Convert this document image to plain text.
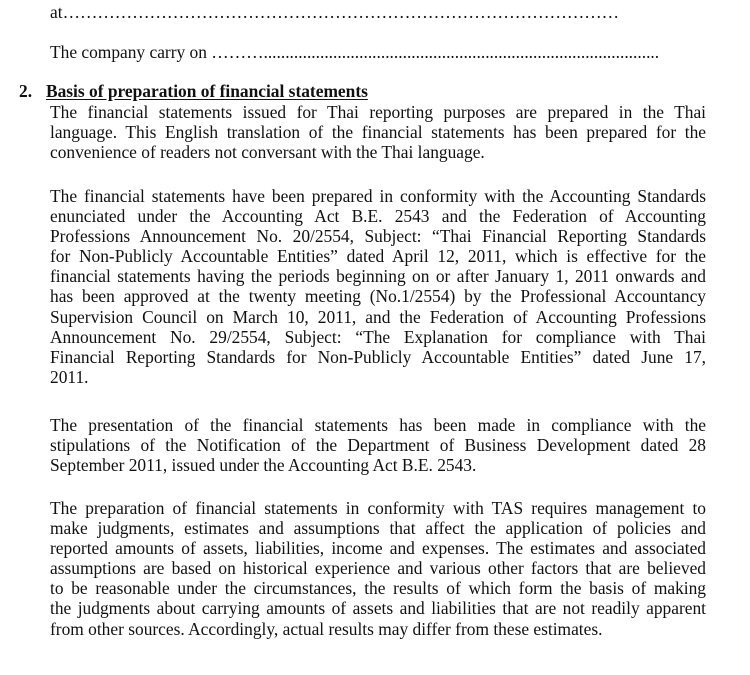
at……………………………………………………………………………………
The company carry on ………...........................................................................................
2. Basis of preparation of financial statements
The financial statements issued for Thai reporting purposes are prepared in the Thai
language. This English translation of the financial statements has been prepared for the
convenience of readers not conversant with the Thai language.
The financial statements have been prepared in conformity with the Accounting Standards
enunciated under the Accounting Act B.E. 2543 and the Federation of Accounting
Professions Announcement No. 20/2554, Subject: “Thai Financial Reporting Standards
for Non-Publicly Accountable Entities” dated April 12, 2011, which is effective for the
financial statements having the periods beginning on or after January 1, 2011 onwards and
has been approved at the twenty meeting (No.1/2554) by the Professional Accountancy
Supervision Council on March 10, 2011, and the Federation of Accounting Professions
Announcement No. 29/2554, Subject: “The Explanation for compliance with Thai
Financial Reporting Standards for Non-Publicly Accountable Entities” dated June 17,
2011.
The presentation of the financial statements has been made in compliance with the
stipulations of the Notification of the Department of Business Development dated 28
September 2011, issued under the Accounting Act B.E. 2543.
The preparation of financial statements in conformity with TAS requires management to
make judgments, estimates and assumptions that affect the application of policies and
reported amounts of assets, liabilities, income and expenses. The estimates and associated
assumptions are based on historical experience and various other factors that are believed
to be reasonable under the circumstances, the results of which form the basis of making
the judgments about carrying amounts of assets and liabilities that are not readily apparent
from other sources. Accordingly, actual results may differ from these estimates.
